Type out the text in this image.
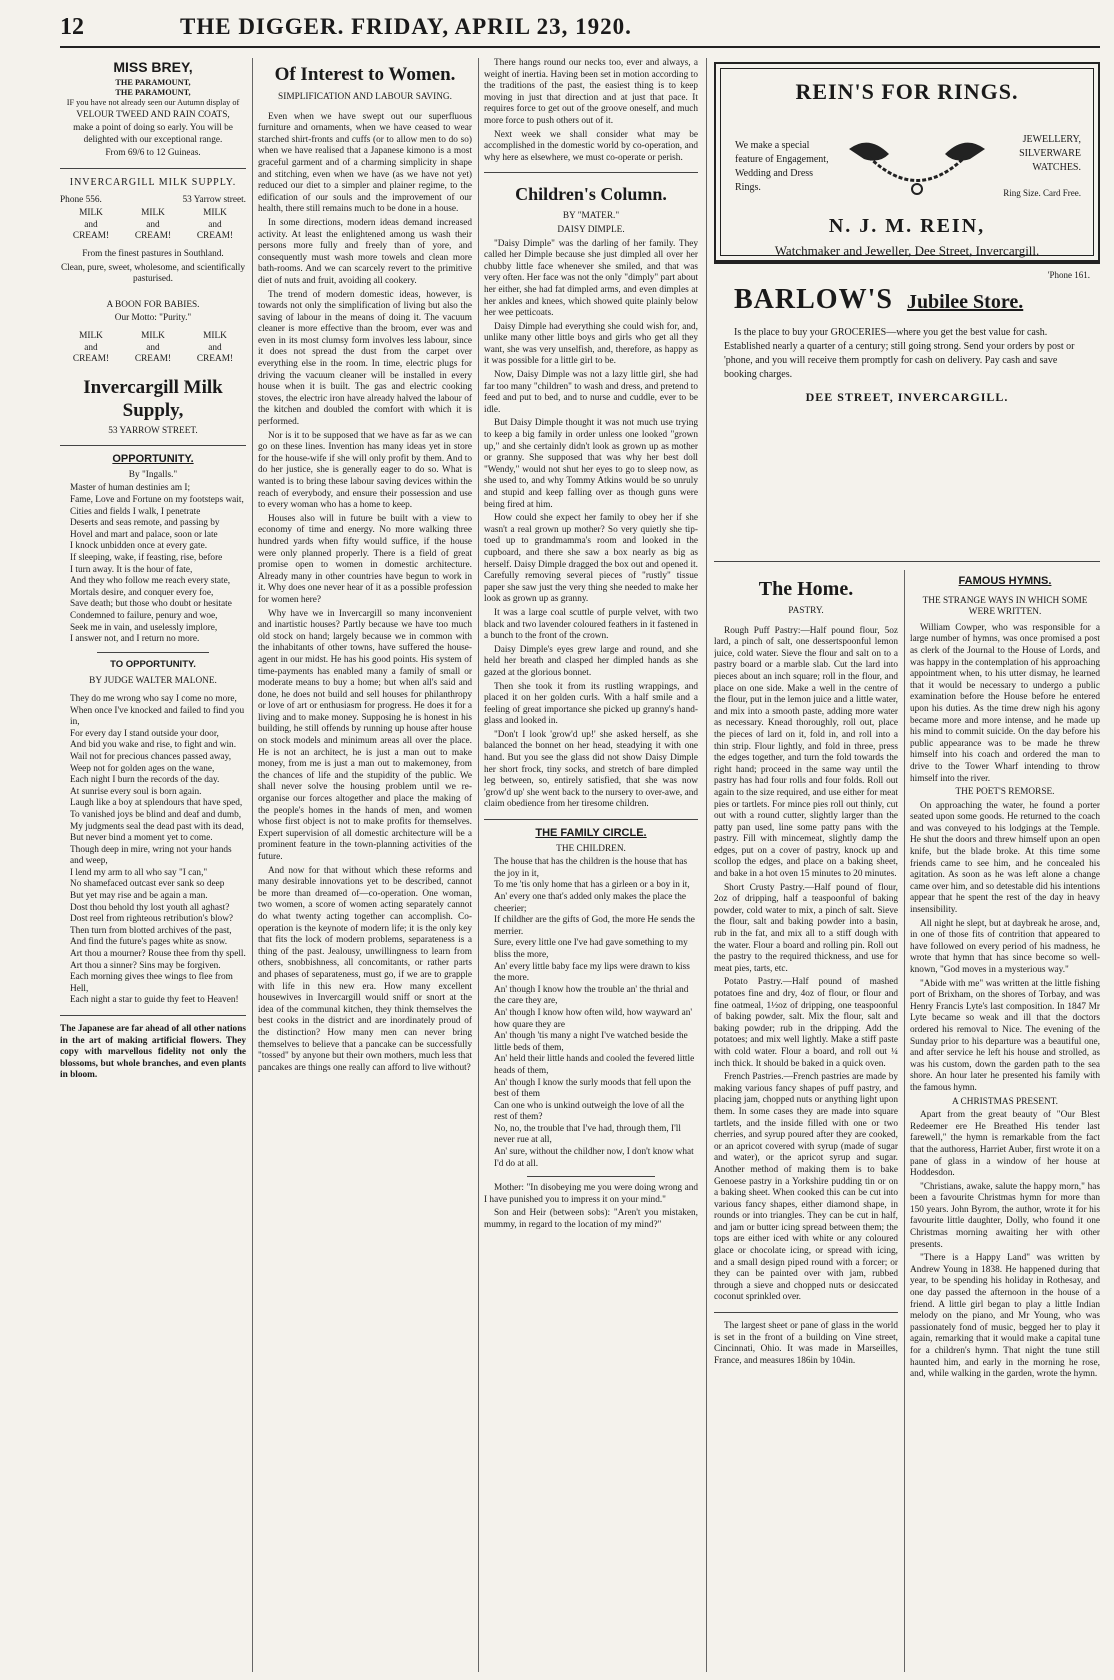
12	THE DIGGER. FRIDAY, APRIL 23, 1920.
MISS BREY,
THE PARAMOUNT,
THE PARAMOUNT,

IF you have not already seen our Autumn display of

VELOUR TWEED AND RAIN COATS,

make a point of doing so early. You will be delighted with our exceptional range.

From 69/6 to 12 Guineas.

INVERCARGILL MILK SUPPLY.
Phone 556.	53 Yarrow street.
MILK
and
CREAM!
MILK
and
CREAM!
MILK
and
CREAM!

From the finest pastures in Southland.

Clean, pure, sweet, wholesome, and scientifically pasturised.

A BOON FOR BABIES.

Our Motto: "Purity."

MILK
and
CREAM!
MILK
and
CREAM!
MILK
and
CREAM!
Invercargill Milk Supply,

53 YARROW STREET.

OPPORTUNITY.

By "Ingalls."

Master of human destinies am I;

Fame, Love and Fortune on my footsteps wait,

Cities and fields I walk, I penetrate

Deserts and seas remote, and passing by

Hovel and mart and palace, soon or late

I knock unbidden once at every gate.

If sleeping, wake, if feasting, rise, before

I turn away. It is the hour of fate,

And they who follow me reach every state,

Mortals desire, and conquer every foe,

Save death; but those who doubt or hesitate

Condemned to failure, penury and woe,

Seek me in vain, and uselessly implore,

I answer not, and I return no more.

TO OPPORTUNITY.

BY JUDGE WALTER MALONE.

They do me wrong who say I come no more,

When once I've knocked and failed to find you in,

For every day I stand outside your door,

And bid you wake and rise, to fight and win.

Wail not for precious chances passed away,

Weep not for golden ages on the wane,

Each night I burn the records of the day.

At sunrise every soul is born again.

Laugh like a boy at splendours that have sped,

To vanished joys be blind and deaf and dumb,

My judgments seal the dead past with its dead,

But never bind a moment yet to come.

Though deep in mire, wring not your hands and weep,

I lend my arm to all who say "I can,"

No shamefaced outcast ever sank so deep

But yet may rise and be again a man.

Dost thou behold thy lost youth all aghast?

Dost reel from righteous retribution's blow?

Then turn from blotted archives of the past,

And find the future's pages white as snow.

Art thou a mourner? Rouse thee from thy spell.

Art thou a sinner? Sins may be forgiven.

Each morning gives thee wings to flee from Hell,

Each night a star to guide thy feet to Heaven!

The Japanese are far ahead of all other nations in the art of making artificial flowers. They copy with marvellous fidelity not only the blossoms, but whole branches, and even plants in bloom.

Of Interest to Women.

SIMPLIFICATION AND LABOUR SAVING.

Even when we have swept out our superfluous furniture and ornaments, when we have ceased to wear starched shirt-fronts and cuffs (or to allow men to do so) when we have realised that a Japanese kimono is a most graceful garment and of a charming simplicity in shape and stitching, even when we have (as we have not yet) reduced our diet to a simpler and plainer regime, to the edification of our souls and the improvement of our health, there still remains much to be done in a house.

In some directions, modern ideas demand increased activity. At least the enlightened among us wash their persons more fully and freely than of yore, and consequently must wash more towels and clean more bath-rooms. And we can scarcely revert to the primitive diet of nuts and fruit, avoiding all cookery.

The trend of modern domestic ideas, however, is towards not only the simplification of living but also the saving of labour in the means of doing it. The vacuum cleaner is more effective than the broom, ever was and even in its most clumsy form involves less labour, since it does not spread the dust from the carpet over everything else in the room. In time, electric plugs for driving the vacuum cleaner will be installed in every house when it is built. The gas and electric cooking stoves, the electric iron have already halved the labour of the kitchen and doubled the comfort with which it is performed.

Nor is it to be supposed that we have as far as we can go on these lines. Invention has many ideas yet in store for the house-wife if she will only profit by them. And to do her justice, she is generally eager to do so. What is wanted is to bring these labour saving devices within the reach of everybody, and ensure their possession and use to every woman who has a home to keep.

Houses also will in future be built with a view to economy of time and energy. No more walking three hundred yards when fifty would suffice, if the house were only planned properly. There is a field of great promise open to women in domestic architecture. Already many in other countries have begun to work in it. Why does one never hear of it as a possible profession for women here?

Why have we in Invercargill so many inconvenient and inartistic houses? Partly because we have too much old stock on hand; largely because we in common with the inhabitants of other towns, have suffered the house-agent in our midst. He has his good points. His system of time-payments has enabled many a family of small or moderate means to buy a home; but when all's said and done, he does not build and sell houses for philanthropy or love of art or enthusiasm for progress. He does it for a living and to make money. Supposing he is honest in his building, he still offends by running up house after house on stock models and minimum areas all over the place. He is not an architect, he is just a man out to make money, from me is just a man out to makemoney, from the chances of life and the stupidity of the public. We shall never solve the housing problem until we re-organise our forces altogether and place the making of the people's homes in the hands of men, and women whose first object is not to make profits for themselves. Expert supervision of all domestic architecture will be a prominent feature in the town-planning activities of the future.

And now for that without which these reforms and many desirable innovations yet to be described, cannot be more than dreamed of—co-operation. One woman, two women, a score of women acting separately cannot do what twenty acting together can accomplish. Co-operation is the keynote of modern life; it is the only key that fits the lock of modern problems, separateness is a thing of the past. Jealousy, unwillingness to learn from others, snobbishness, all concomitants, or rather parts and phases of separateness, must go, if we are to grapple with life in this new era. How many excellent housewives in Invercargill would sniff or snort at the idea of the communal kitchen, they think themselves the best cooks in the district and are inordinately proud of the distinction? How many men can never bring themselves to believe that a pancake can be successfully "tossed" by anyone but their own mothers, much less that pancakes are things one really can afford to live without?

There hangs round our necks too, ever and always, a weight of inertia. Having been set in motion according to the traditions of the past, the easiest thing is to keep moving in just that direction and at just that pace. It requires force to get out of the groove oneself, and much more force to push others out of it.

Next week we shall consider what may be accomplished in the domestic world by co-operation, and why here as elsewhere, we must co-operate or perish.

Children's Column.

BY "MATER."

DAISY DIMPLE.

"Daisy Dimple" was the darling of her family. They called her Dimple because she just dimpled all over her chubby little face whenever she smiled, and that was very often. Her face was not the only "dimply" part about her either, she had fat dimpled arms, and even dimples at her ankles and knees, which showed quite plainly below her wee petticoats.

Daisy Dimple had everything she could wish for, and, unlike many other little boys and girls who get all they want, she was very unselfish, and, therefore, as happy as it was possible for a little girl to be.

Now, Daisy Dimple was not a lazy little girl, she had far too many "children" to wash and dress, and pretend to feed and put to bed, and to nurse and cuddle, ever to be idle.

But Daisy Dimple thought it was not much use trying to keep a big family in order unless one looked "grown up," and she certainly didn't look as grown up as mother or granny. She supposed that was why her best doll "Wendy," would not shut her eyes to go to sleep now, as she used to, and why Tommy Atkins would be so unruly and stupid and keep falling over as though guns were being fired at him.

How could she expect her family to obey her if she wasn't a real grown up mother? So very quietly she tip-toed up to grandmamma's room and looked in the cupboard, and there she saw a box nearly as big as herself. Daisy Dimple dragged the box out and opened it. Carefully removing several pieces of "rustly" tissue paper she saw just the very thing she needed to make her look as grown up as granny.

It was a large coal scuttle of purple velvet, with two black and two lavender coloured feathers in it fastened in a bunch to the front of the crown.

Daisy Dimple's eyes grew large and round, and she held her breath and clasped her dimpled hands as she gazed at the glorious bonnet.

Then she took it from its rustling wrappings, and placed it on her golden curls. With a half smile and a feeling of great importance she picked up granny's hand-glass and looked in.

"Don't I look 'grow'd up!' she asked herself, as she balanced the bonnet on her head, steadying it with one hand. But you see the glass did not show Daisy Dimple her short frock, tiny socks, and stretch of bare dimpled leg between, so, entirely satisfied, that she was now 'grow'd up' she went back to the nursery to over-awe, and claim obedience from her tiresome children.

THE FAMILY CIRCLE.

THE CHILDREN.

The house that has the children is the house that has the joy in it,

To me 'tis only home that has a girleen or a boy in it,

An' every one that's added only makes the place the cheerier;

If childher are the gifts of God, the more He sends the merrier.

Sure, every little one I've had gave something to my bliss the more,

An' every little baby face my lips were drawn to kiss the more.

An' though I know how the trouble an' the thrial and the care they are,

An' though I know how often wild, how wayward an' how quare they are

An' though 'tis many a night I've watched beside the little beds of them,

An' held their little hands and cooled the fevered little heads of them,

An' though I know the surly moods that fell upon the best of them

Can one who is unkind outweigh the love of all the rest of them?

No, no, the trouble that I've had, through them, I'll never rue at all,

An' sure, without the childher now, I don't know what I'd do at all.

Mother: "In disobeying me you were doing wrong and I have punished you to impress it on your mind."

Son and Heir (between sobs): "Aren't you mistaken, mummy, in regard to the location of my mind?"

REIN'S FOR RINGS.
We make a special feature of Engagement, Wedding and Dress Rings.
JEWELLERY, SILVERWARE WATCHES.
Ring Size. Card Free.
N. J. M. REIN,
Watchmaker and Jeweller, Dee Street, Invercargill.
'Phone 161.
BARLOW'S Jubilee Store.

Is the place to buy your GROCERIES—where you get the best value for cash. Established nearly a quarter of a century; still going strong. Send your orders by post or 'phone, and you will receive them promptly for cash on delivery. Pay cash and save booking charges.

DEE STREET, INVERCARGILL.
The Home.

PASTRY.

Rough Puff Pastry:—Half pound flour, 5oz lard, a pinch of salt, one dessertspoonful lemon juice, cold water. Sieve the flour and salt on to a pastry board or a marble slab. Cut the lard into pieces about an inch square; roll in the flour, and place on one side. Make a well in the centre of the flour, put in the lemon juice and a little water, and mix into a smooth paste, adding more water as necessary. Knead thoroughly, roll out, place the pieces of lard on it, fold in, and roll into a thin strip. Flour lightly, and fold in three, press the edges together, and turn the fold towards the right hand; proceed in the same way until the pastry has had four rolls and four folds. Roll out again to the size required, and use either for meat pies or tartlets. For mince pies roll out thinly, cut out with a round cutter, slightly larger than the patty pan used, line some patty pans with the pastry. Fill with mincemeat, slightly damp the edges, put on a cover of pastry, knock up and scollop the edges, and place on a baking sheet, and bake in a hot oven 15 minutes to 20 minutes.

Short Crusty Pastry.—Half pound of flour, 2oz of dripping, half a teaspoonful of baking powder, cold water to mix, a pinch of salt. Sieve the flour, salt and baking powder into a basin, rub in the fat, and mix all to a stiff dough with the water. Flour a board and rolling pin. Roll out the pastry to the required thickness, and use for meat pies, tarts, etc.

Potato Pastry.—Half pound of mashed potatoes fine and dry, 4oz of flour, or flour and fine oatmeal, 1½oz of dripping, one teaspoonful of baking powder, salt. Mix the flour, salt and baking powder; rub in the dripping. Add the potatoes; and mix well lightly. Make a stiff paste with cold water. Flour a board, and roll out ¼ inch thick. It should be baked in a quick oven.

French Pastries.—French pastries are made by making various fancy shapes of puff pastry, and placing jam, chopped nuts or anything light upon them. In some cases they are made into square tartlets, and the inside filled with one or two cherries, and syrup poured after they are cooked, or an apricot covered with syrup (made of sugar and water), or the apricot syrup and sugar. Another method of making them is to bake Genoese pastry in a Yorkshire pudding tin or on a baking sheet. When cooked this can be cut into various fancy shapes, either diamond shape, in rounds or into triangles. They can be cut in half, and jam or butter icing spread between them; the tops are either iced with white or any coloured glace or chocolate icing, or spread with icing, and a small design piped round with a forcer; or they can be painted over with jam, rubbed through a sieve and chopped nuts or desiccated coconut sprinkled over.

The largest sheet or pane of glass in the world is set in the front of a building on Vine street, Cincinnati, Ohio. It was made in Marseilles, France, and measures 186in by 104in.

FAMOUS HYMNS.

THE STRANGE WAYS IN WHICH SOME WERE WRITTEN.

William Cowper, who was responsible for a large number of hymns, was once promised a post as clerk of the Journal to the House of Lords, and was happy in the contemplation of his approaching appointment when, to his utter dismay, he learned that it would be necessary to undergo a public examination before the House before he entered upon his duties. As the time drew nigh his agony became more and more intense, and he made up his mind to commit suicide. On the day before his public appearance was to be made he threw himself into his coach and ordered the man to drive to the Tower Wharf intending to throw himself into the river.

THE POET'S REMORSE.

On approaching the water, he found a porter seated upon some goods. He returned to the coach and was conveyed to his lodgings at the Temple. He shut the doors and threw himself upon an open knife, but the blade broke. At this time some friends came to see him, and he concealed his agitation. As soon as he was left alone a change came over him, and so detestable did his intentions appear that he spent the rest of the day in heavy insensibility.

All night he slept, but at daybreak he arose, and, in one of those fits of contrition that appeared to have followed on every period of his madness, he wrote that hymn that has since become so well-known, "God moves in a mysterious way."

"Abide with me" was written at the little fishing port of Brixham, on the shores of Torbay, and was Henry Francis Lyte's last composition. In 1847 Mr Lyte became so weak and ill that the doctors ordered his removal to Nice. The evening of the Sunday prior to his departure was a beautiful one, and after service he left his house and strolled, as was his custom, down the garden path to the sea shore. An hour later he presented his family with the famous hymn.

A CHRISTMAS PRESENT.

Apart from the great beauty of "Our Blest Redeemer ere He Breathed His tender last farewell," the hymn is remarkable from the fact that the authoress, Harriet Auber, first wrote it on a pane of glass in a window of her house at Hoddesdon.

"Christians, awake, salute the happy morn," has been a favourite Christmas hymn for more than 150 years. John Byrom, the author, wrote it for his favourite little daughter, Dolly, who found it one Christmas morning awaiting her with other presents.

"There is a Happy Land" was written by Andrew Young in 1838. He happened during that year, to be spending his holiday in Rothesay, and one day passed the afternoon in the house of a friend. A little girl began to play a little Indian melody on the piano, and Mr Young, who was passionately fond of music, begged her to play it again, remarking that it would make a capital tune for a children's hymn. That night the tune still haunted him, and early in the morning he rose, and, while walking in the garden, wrote the hymn.
